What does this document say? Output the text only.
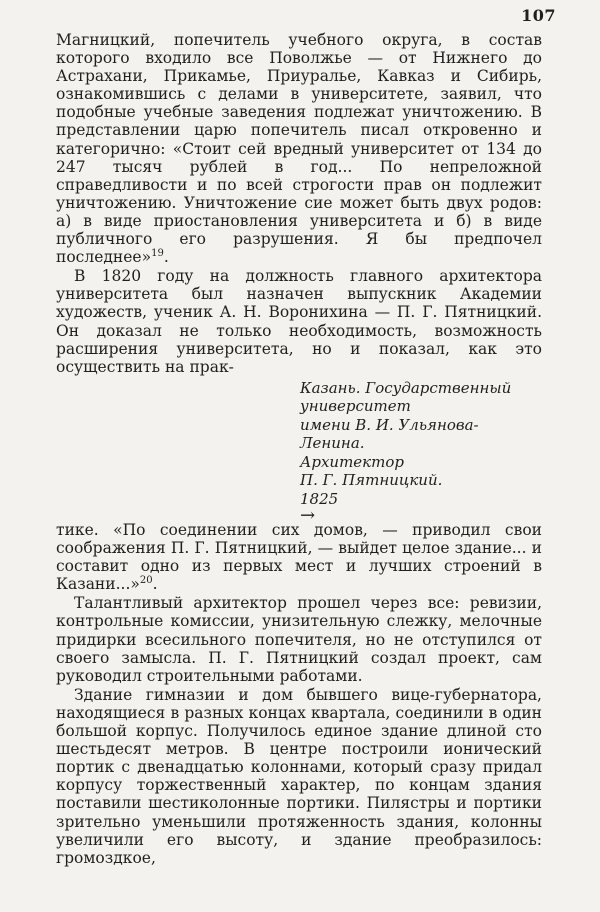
107

Магницкий, попечитель учебного округа, в состав которого входило все Поволжье — от Нижнего до Астрахани, Прикамье, Приуралье, Кавказ и Сибирь, ознакомившись с делами в университете, заявил, что подобные учебные заведения подлежат уничтожению. В представлении царю попечитель писал откровенно и категорично: «Стоит сей вредный университет от 134 до 247 тысяч рублей в год... По непреложной справедливости и по всей строгости прав он подлежит уничтожению. Уничтожение сие может быть двух родов: а) в виде приостановления университета и б) в виде публичного его разрушения. Я бы предпочел последнее»$^{19}$.

В 1820 году на должность главного архитектора университета был назначен выпускник Академии художеств, ученик А. Н. Воронихина — П. Г. Пятницкий. Он доказал не только необходимость, возможность расширения университета, но и показал, как это осуществить на прак-

Казань. Государственный
университет
имени В. И. Ульянова-
Ленина.
Архитектор
П. Г. Пятницкий.
1825

→

тике. «По соединении сих домов, — приводил свои соображения П. Г. Пятницкий, — выйдет целое здание... и составит одно из первых мест и лучших строений в Казани...»$^{20}$.

Талантливый архитектор прошел через все: ревизии, контрольные комиссии, унизительную слежку, мелочные придирки всесильного попечителя, но не отступился от своего замысла. П. Г. Пятницкий создал проект, сам руководил строительными работами.

Здание гимназии и дом бывшего вице-губернатора, находящиеся в разных концах квартала, соединили в один большой корпус. Получилось единое здание длиной сто шестьдесят метров. В центре построили ионический портик с двенадцатью колоннами, который сразу придал корпусу торжественный характер, по концам здания поставили шестиколонные портики. Пилястры и портики зрительно уменьшили протяженность здания, колонны увеличили его высоту, и здание преобразилось: громоздкое,
